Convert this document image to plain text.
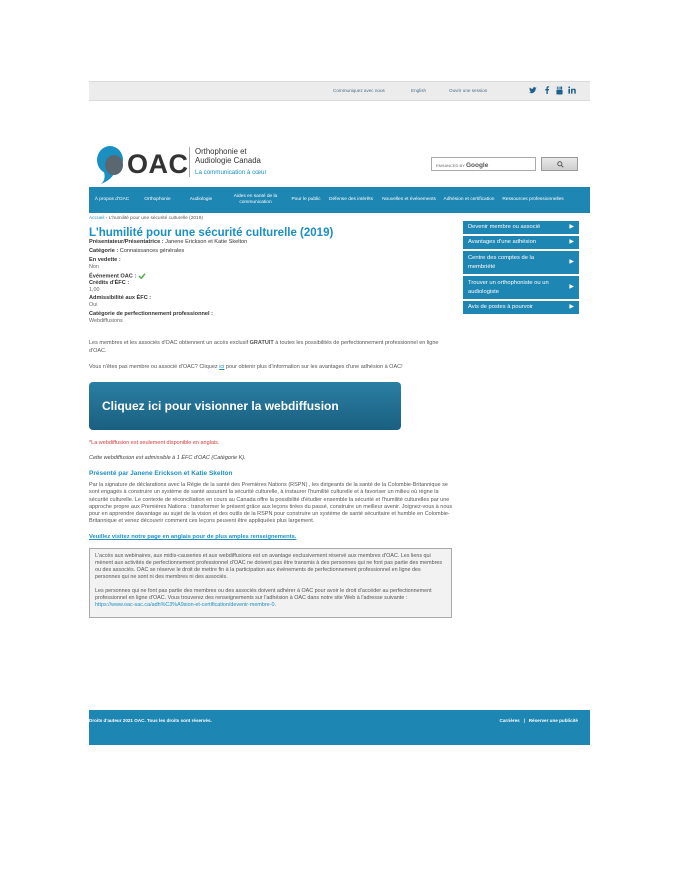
Communiquez avec nous	English	Ouvrir une session
OAC Orthophonie et
Audiologie Canada
La communication à cœur
ENHANCED BY Google
À propos d'OAC	Orthophonie	Audiologie
Aides en santé de la communication
Pour le public	Défense des intérêts	Nouvelles et événements	Adhésion et certification	Ressources professionnelles
Accueil › L'humilité pour une sécurité culturelle (2019)
L'humilité pour une sécurité culturelle (2019)
Présentateur/Présentatrice : Janene Erickson et Katie Skelton
Catégorie : Connaissances générales
En vedette :
Non
Événement OAC :
Crédits d'ÉFC :
1,00
Admissibilité aux ÉFC :
Oui
Catégorie de perfectionnement professionnel :
Webdiffusions

Les membres et les associés d'OAC obtiennent un accès exclusif GRATUIT à toutes les possibilités de perfectionnement professionnel en ligne d'OAC.

Vous n'êtes pas membre ou associé d'OAC? Cliquez ici pour obtenir plus d'information sur les avantages d'une adhésion à OAC!

Cliquez ici pour visionner la webdiffusion
*La webdiffusion est seulement disponible en anglais.
Cette webdiffusion est admissible à 1 ÉFC d'OAC (Catégorie K).
Présenté par Janene Erickson et Katie Skelton

Par la signature de déclarations avec la Régie de la santé des Premières Nations (RSPN) , les dirigeants de la santé de la Colombie-Britannique se sont engagés à construire un système de santé assurant la sécurité culturelle, à instaurer l'humilité culturelle et à favoriser un milieu où règne la sécurité culturelle. Le contexte de réconciliation en cours au Canada offre la possibilité d'étudier ensemble la sécurité et l'humilité culturelles par une approche propre aux Premières Nations : transformer le présent grâce aux leçons tirées du passé, construire un meilleur avenir. Joignez-vous à nous pour en apprendre davantage au sujet de la vision et des outils de la RSPN pour construire un système de santé sécuritaire et humble en Colombie-Britannique et venez découvrir comment ces leçons peuvent être appliquées plus largement.

Veuillez visitez notre page en anglais pour de plus amples renseignements.

L'accès aux webinaires, aux midis-causeries et aux webdiffusions est un avantage exclusivement réservé aux membres d'OAC. Les liens qui mènent aux activités de perfectionnement professionnel d'OAC ne doivent pas être transmis à des personnes qui ne font pas partie des membres ou des associés. OAC se réserve le droit de mettre fin à la participation aux événements de perfectionnement professionnel en ligne des personnes qui ne sont ni des membres ni des associés.

Les personnes qui ne font pas partie des membres ou des associés doivent adhérer à OAC pour avoir le droit d'accéder au perfectionnement professionnel en ligne d'OAC. Vous trouverez des renseignements sur l'adhésion à OAC dans notre site Web à l'adresse suivante : https://www.oac-sac.ca/adh%C3%A9sion-et-certification/devenir-membre-0.

Devenir membre ou associé	▶
Avantages d'une adhésion	▶
Centre des comptes de la membriété
▶
Trouver un orthophoniste ou un audiologiste
▶
Avis de postes à pourvoir	▶
Droits d'auteur 2021 OAC. Tous les droits sont réservés.	Carrières | Réserver une publicité
